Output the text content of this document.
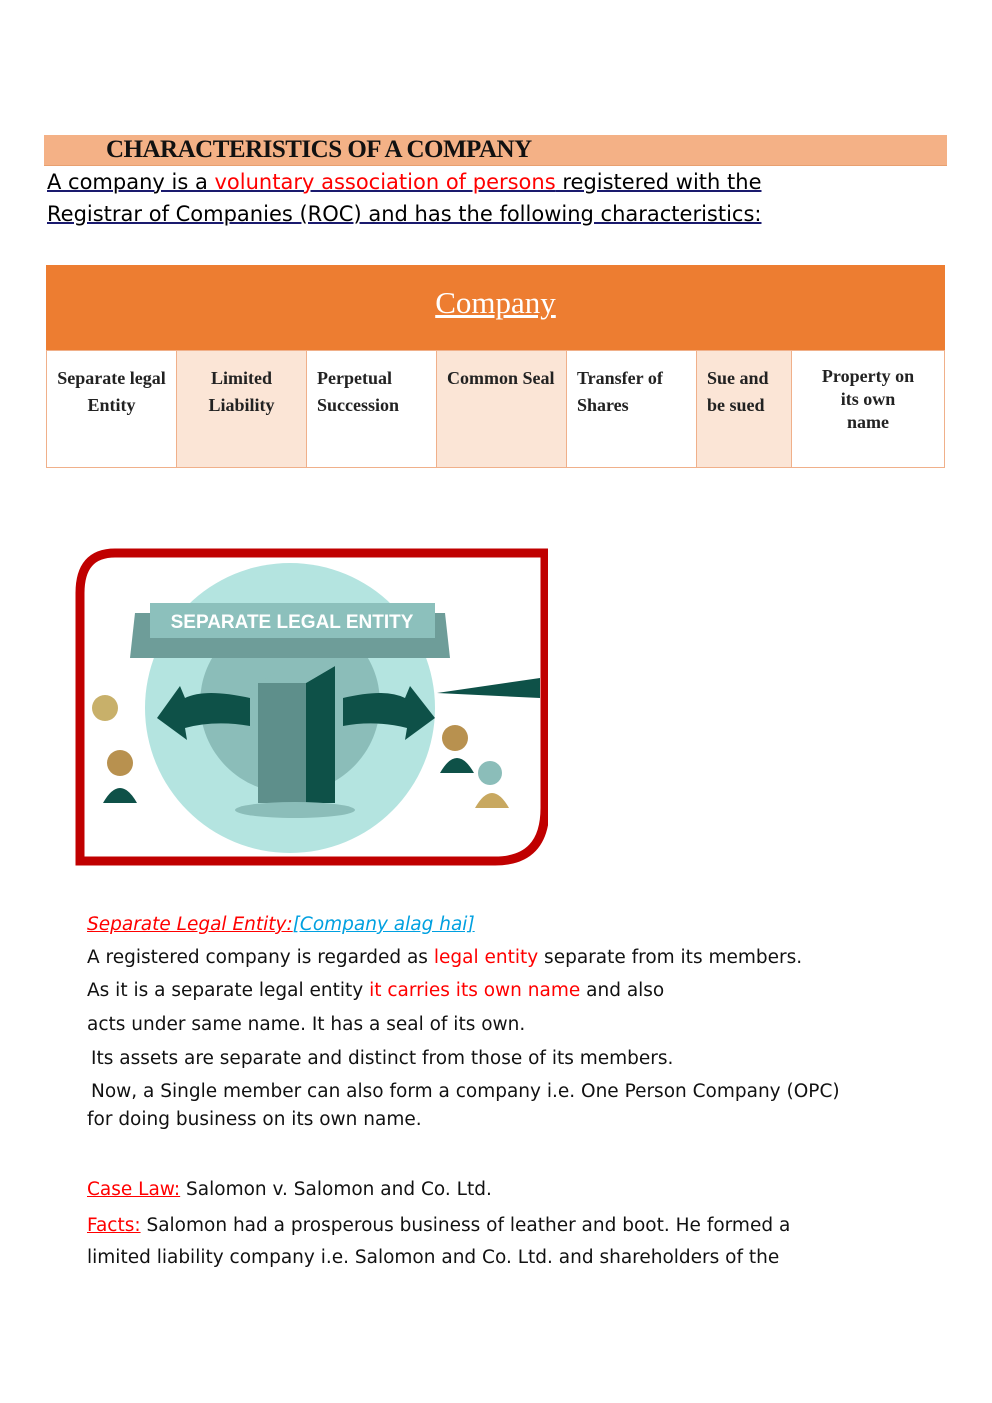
CHARACTERISTICS OF A COMPANY
A company is a voluntary association of persons registered with the
Registrar of Companies (ROC) and has the following characteristics:
Company
Separate legal Entity
Limited Liability
Perpetual Succession
Common Seal	Transfer of Shares
Sue and be sued
Property on its own name
SEPARATE LEGAL ENTITY
Separate Legal Entity:[Company alag hai]
A registered company is regarded as legal entity separate from its members.
As it is a separate legal entity it carries its own name and also
acts under same name. It has a seal of its own.
Its assets are separate and distinct from those of its members.
Now, a Single member can also form a company i.e. One Person Company (OPC)
for doing business on its own name.
Case Law: Salomon v. Salomon and Co. Ltd.
Facts: Salomon had a prosperous business of leather and boot. He formed a
limited liability company i.e. Salomon and Co. Ltd. and shareholders of the
